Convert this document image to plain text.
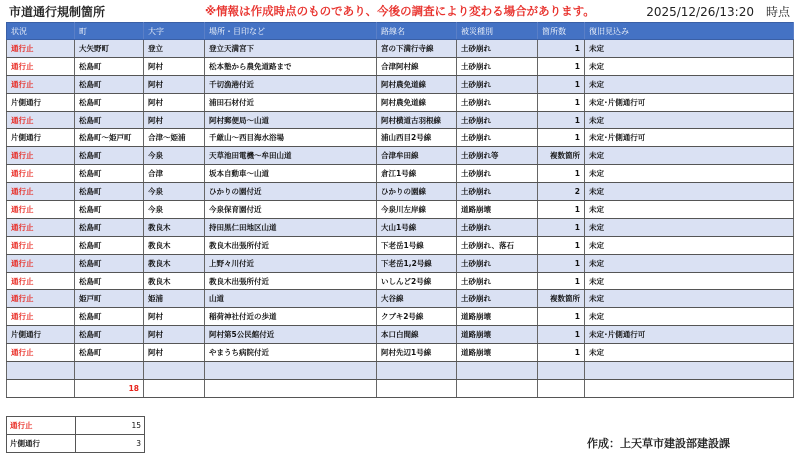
市道通行規制箇所	※情報は作成時点のものであり、今後の調査により変わる場合があります。	2025/12/26/13:20　時点
状況	町	大字	場所・目印など	路線名	被災種別	箇所数	復旧見込み
通行止	大矢野町	登立	登立天満宮下	宮の下満行寺線	土砂崩れ	1	未定
通行止	松島町	阿村	松本塾から農免道路まで	合津阿村線	土砂崩れ	1	未定
通行止	松島町	阿村	千切漁港付近	阿村農免道線	土砂崩れ	1	未定
片側通行	松島町	阿村	浦田石材付近	阿村農免道線	土砂崩れ	1	未定･片側通行可
通行止	松島町	阿村	阿村郵便局～山道	阿村横道古羽根線	土砂崩れ	1	未定
片側通行	松島町～姫戸町	合津～姫浦	千厳山～西目海水浴場	浦山西目2号線	土砂崩れ	1	未定･片側通行可
通行止	松島町	今泉	天草池田電機～牟田山道	合津牟田線	土砂崩れ等	複数箇所	未定
通行止	松島町	合津	坂本自動車～山道	倉江1号線	土砂崩れ	1	未定
通行止	松島町	今泉	ひかりの園付近	ひかりの園線	土砂崩れ	2	未定
通行止	松島町	今泉	今泉保育園付近	今泉川左岸線	道路崩壊	1	未定
通行止	松島町	教良木	持田黒仁田地区山道	大山1号線	土砂崩れ	1	未定
通行止	松島町	教良木	教良木出張所付近	下老岳1号線	土砂崩れ、落石	1	未定
通行止	松島町	教良木	上野々川付近	下老岳1,2号線	土砂崩れ	1	未定
通行止	松島町	教良木	教良木出張所付近	いしんど2号線	土砂崩れ	1	未定
通行止	姫戸町	姫浦	山道	大谷線	土砂崩れ	複数箇所	未定
通行止	松島町	阿村	稲荷神社付近の歩道	クブキ2号線	道路崩壊	1	未定
片側通行	松島町	阿村	阿村第5公民館付近	本口白間線	道路崩壊	1	未定･片側通行可
通行止	松島町	阿村	やまうち病院付近	阿村先辺1号線	道路崩壊	1	未定

	18						
通行止	15
片側通行	3	作成：上天草市建設部建設課
